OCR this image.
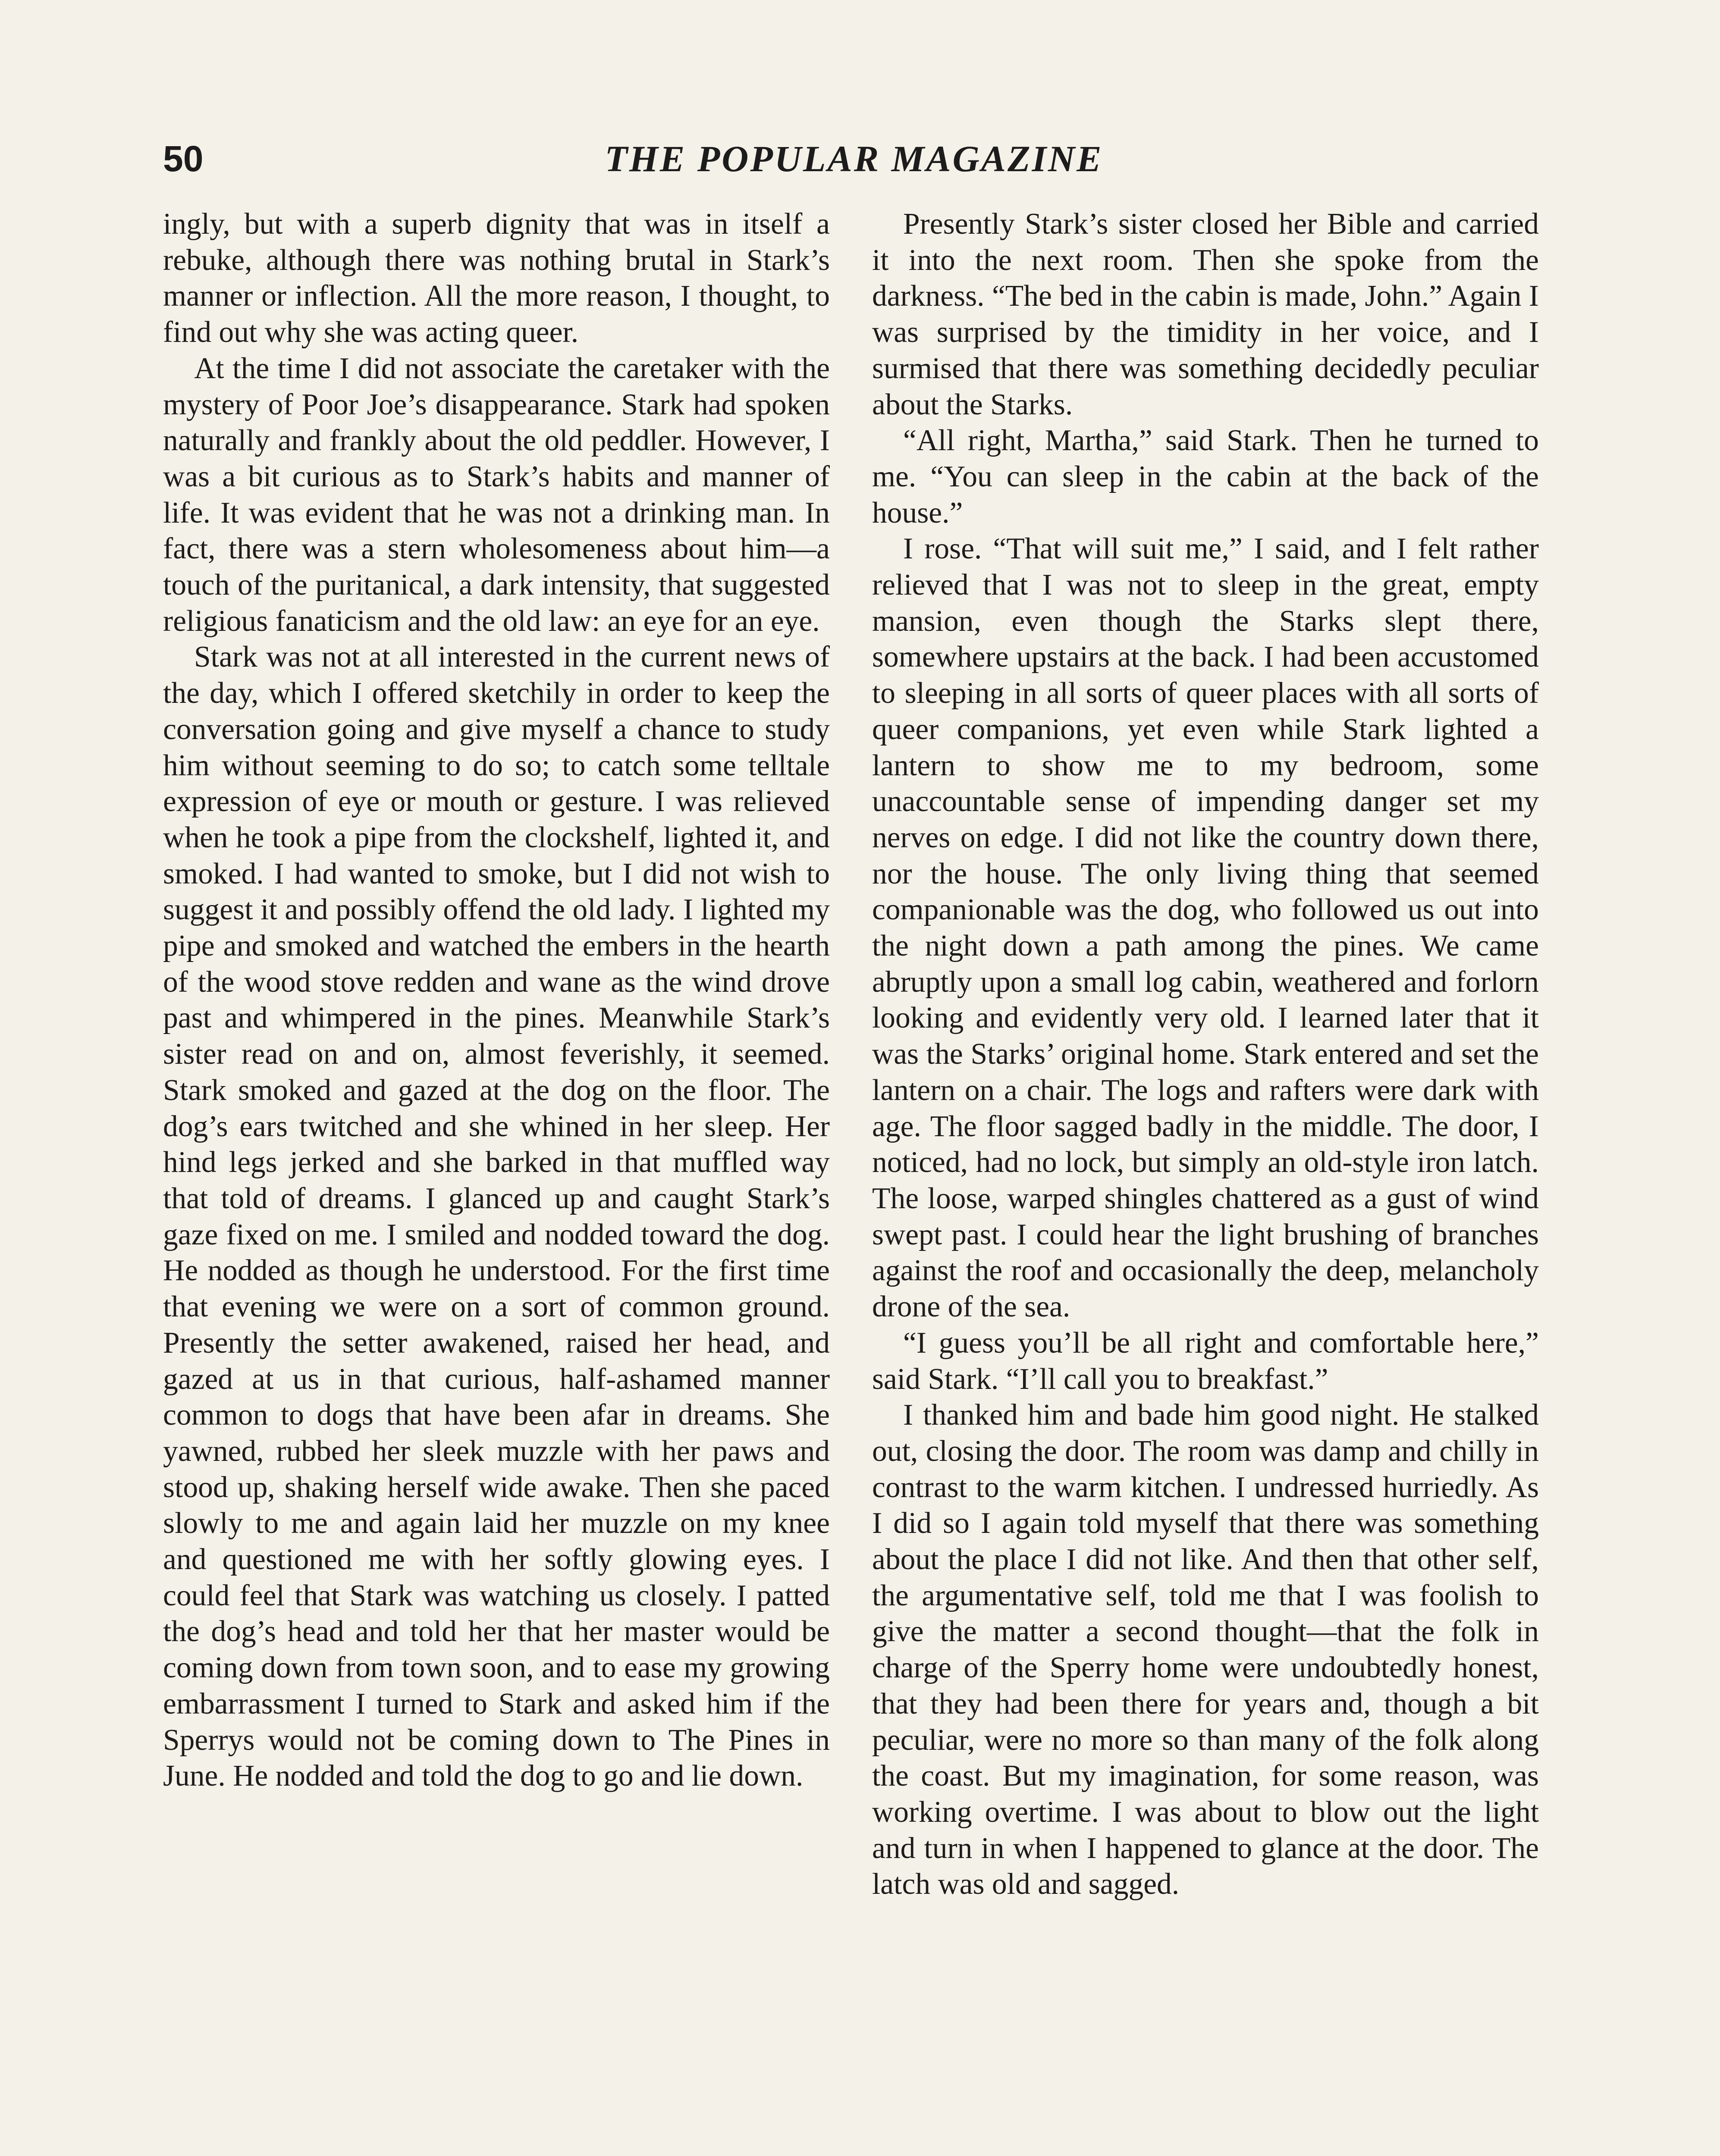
50	THE POPULAR MAGAZINE

ingly, but with a superb dignity that was in itself a rebuke, although there was nothing brutal in Stark’s manner or inflection. All the more reason, I thought, to find out why she was acting queer.

At the time I did not associate the caretaker with the mystery of Poor Joe’s disappearance. Stark had spoken naturally and frankly about the old peddler. However, I was a bit curious as to Stark’s habits and manner of life. It was evident that he was not a drinking man. In fact, there was a stern wholesomeness about him—a touch of the puritanical, a dark intensity, that suggested religious fanaticism and the old law: an eye for an eye.

Stark was not at all interested in the current news of the day, which I offered sketchily in order to keep the conversation going and give myself a chance to study him without seeming to do so; to catch some telltale expression of eye or mouth or gesture. I was relieved when he took a pipe from the clockshelf, lighted it, and smoked. I had wanted to smoke, but I did not wish to suggest it and possibly offend the old lady. I lighted my pipe and smoked and watched the embers in the hearth of the wood stove redden and wane as the wind drove past and whimpered in the pines. Meanwhile Stark’s sister read on and on, almost feverishly, it seemed. Stark smoked and gazed at the dog on the floor. The dog’s ears twitched and she whined in her sleep. Her hind legs jerked and she barked in that muffled way that told of dreams. I glanced up and caught Stark’s gaze fixed on me. I smiled and nodded toward the dog. He nodded as though he understood. For the first time that evening we were on a sort of common ground. Presently the setter awakened, raised her head, and gazed at us in that curious, half-ashamed manner common to dogs that have been afar in dreams. She yawned, rubbed her sleek muzzle with her paws and stood up, shaking herself wide awake. Then she paced slowly to me and again laid her muzzle on my knee and questioned me with her softly glowing eyes. I could feel that Stark was watching us closely. I patted the dog’s head and told her that her master would be coming down from town soon, and to ease my growing embarrassment I turned to Stark and asked him if the Sperrys would not be coming down to The Pines in June. He nodded and told the dog to go and lie down.

Presently Stark’s sister closed her Bible and carried it into the next room. Then she spoke from the darkness. “The bed in the cabin is made, John.” Again I was surprised by the timidity in her voice, and I surmised that there was something decidedly peculiar about the Starks.

“All right, Martha,” said Stark. Then he turned to me. “You can sleep in the cabin at the back of the house.”

I rose. “That will suit me,” I said, and I felt rather relieved that I was not to sleep in the great, empty mansion, even though the Starks slept there, somewhere upstairs at the back. I had been accustomed to sleeping in all sorts of queer places with all sorts of queer companions, yet even while Stark lighted a lantern to show me to my bedroom, some unaccountable sense of impending danger set my nerves on edge. I did not like the country down there, nor the house. The only living thing that seemed companionable was the dog, who followed us out into the night down a path among the pines. We came abruptly upon a small log cabin, weathered and forlorn looking and evidently very old. I learned later that it was the Starks’ original home. Stark entered and set the lantern on a chair. The logs and rafters were dark with age. The floor sagged badly in the middle. The door, I noticed, had no lock, but simply an old-style iron latch. The loose, warped shingles chattered as a gust of wind swept past. I could hear the light brushing of branches against the roof and occasionally the deep, melancholy drone of the sea.

“I guess you’ll be all right and comfortable here,” said Stark. “I’ll call you to breakfast.”

I thanked him and bade him good night. He stalked out, closing the door. The room was damp and chilly in contrast to the warm kitchen. I undressed hurriedly. As I did so I again told myself that there was something about the place I did not like. And then that other self, the argumentative self, told me that I was foolish to give the matter a second thought—that the folk in charge of the Sperry home were undoubtedly honest, that they had been there for years and, though a bit peculiar, were no more so than many of the folk along the coast. But my imagination, for some reason, was working overtime. I was about to blow out the light and turn in when I happened to glance at the door. The latch was old and sagged.
